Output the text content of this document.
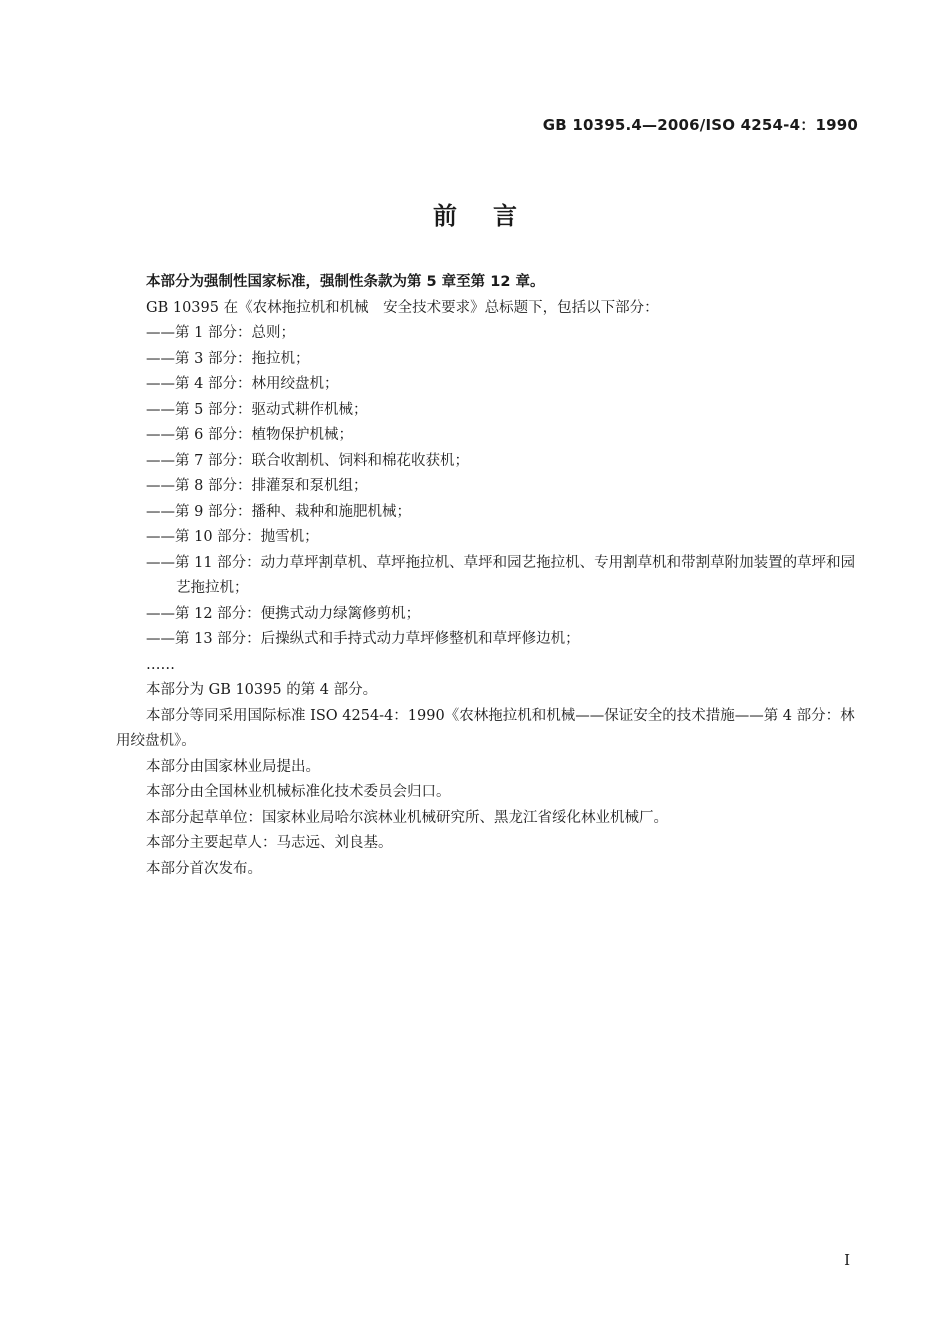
GB 10395.4—2006/ISO 4254-4：1990
前言

本部分为强制性国家标准，强制性条款为第 5 章至第 12 章。

GB 10395 在《农林拖拉机和机械　安全技术要求》总标题下，包括以下部分：

——第 1 部分：总则；

——第 3 部分：拖拉机；

——第 4 部分：林用绞盘机；

——第 5 部分：驱动式耕作机械；

——第 6 部分：植物保护机械；

——第 7 部分：联合收割机、饲料和棉花收获机；

——第 8 部分：排灌泵和泵机组；

——第 9 部分：播种、栽种和施肥机械；

——第 10 部分：抛雪机；

——第 11 部分：动力草坪割草机、草坪拖拉机、草坪和园艺拖拉机、专用割草机和带割草附加装置的草坪和园艺拖拉机；

——第 12 部分：便携式动力绿篱修剪机；

——第 13 部分：后操纵式和手持式动力草坪修整机和草坪修边机；

……

本部分为 GB 10395 的第 4 部分。

本部分等同采用国际标准 ISO 4254-4：1990《农林拖拉机和机械——保证安全的技术措施——第 4 部分：林用绞盘机》。

本部分由国家林业局提出。

本部分由全国林业机械标准化技术委员会归口。

本部分起草单位：国家林业局哈尔滨林业机械研究所、黑龙江省绥化林业机械厂。

本部分主要起草人：马志远、刘良基。

本部分首次发布。

I
